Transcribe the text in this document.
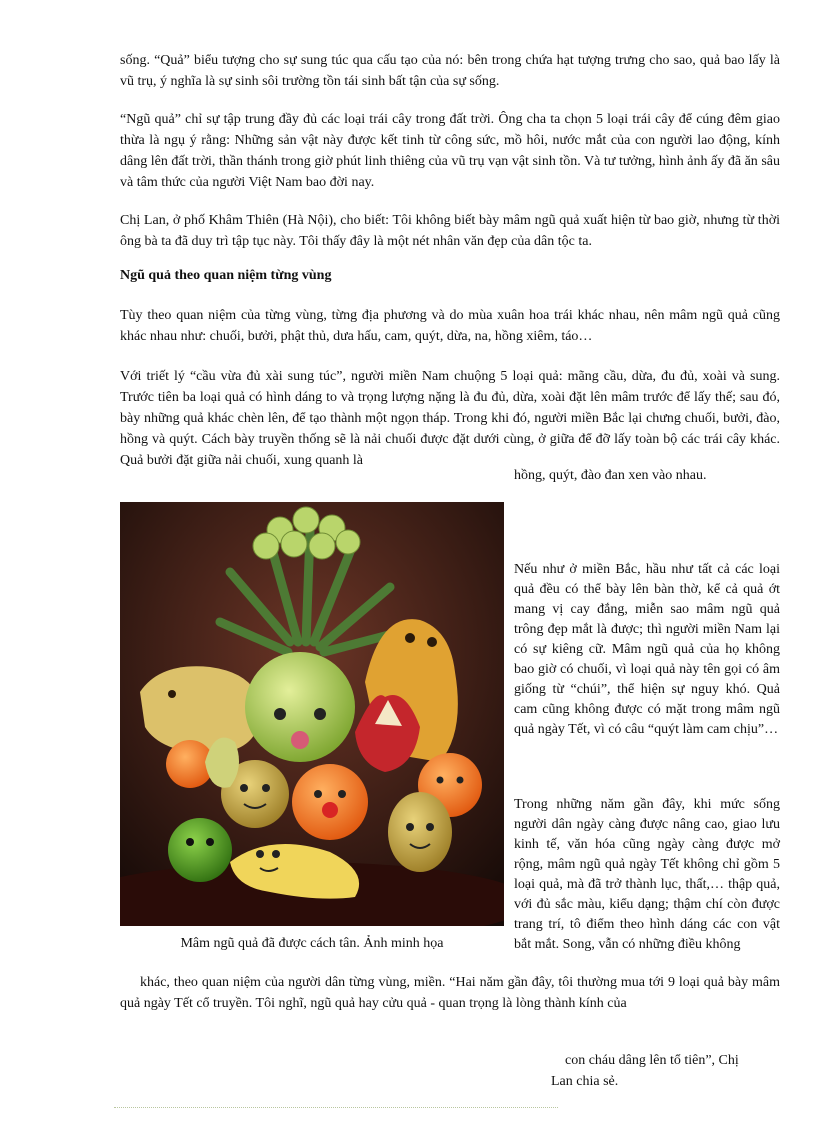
sống. “Quả” biểu tượng cho sự sung túc qua cấu tạo của nó: bên trong chứa hạt tượng trưng cho sao, quả bao lấy là vũ trụ, ý nghĩa là sự sinh sôi trường tồn tái sinh bất tận của sự sống.

“Ngũ quả” chỉ sự tập trung đầy đủ các loại trái cây trong đất trời. Ông cha ta chọn 5 loại trái cây để cúng đêm giao thừa là ngụ ý rằng: Những sản vật này được kết tinh từ công sức, mồ hôi, nước mắt của con người lao động, kính dâng lên đất trời, thần thánh trong giờ phút linh thiêng của vũ trụ vạn vật sinh tồn. Và tư tưởng, hình ảnh ấy đã ăn sâu và tâm thức của người Việt Nam bao đời nay.

Chị Lan, ở phố Khâm Thiên (Hà Nội), cho biết: Tôi không biết bày mâm ngũ quả xuất hiện từ bao giờ, nhưng từ thời ông bà ta đã duy trì tập tục này. Tôi thấy đây là một nét nhân văn đẹp của dân tộc ta.

Ngũ quả theo quan niệm từng vùng

Tùy theo quan niệm của từng vùng, từng địa phương và do mùa xuân hoa trái khác nhau, nên mâm ngũ quả cũng khác nhau như: chuối, bưởi, phật thủ, dưa hấu, cam, quýt, dừa, na, hồng xiêm, táo…

Với triết lý “cầu vừa đủ xài sung túc”, người miền Nam chuộng 5 loại quả: mãng cầu, dừa, đu đủ, xoài và sung. Trước tiên ba loại quả có hình dáng to và trọng lượng nặng là đu đủ, dừa, xoài đặt lên mâm trước để lấy thế; sau đó, bày những quả khác chèn lên, để tạo thành một ngọn tháp. Trong khi đó, người miền Bắc lại chưng chuối, bưởi, đào, hồng và quýt. Cách bày truyền thống sẽ là nải chuối được đặt dưới cùng, ở giữa để đỡ lấy toàn bộ các trái cây khác. Quả bưởi đặt giữa nải chuối, xung quanh là

hồng, quýt, đào đan xen vào nhau.

Mâm ngũ quả đã được cách tân. Ảnh minh họa

Nếu như ở miền Bắc, hầu như tất cả các loại quả đều có thể bày lên bàn thờ, kể cả quả ớt mang vị cay đắng, miễn sao mâm ngũ quả trông đẹp mắt là được; thì người miền Nam lại có sự kiêng cữ. Mâm ngũ quả của họ không bao giờ có chuối, vì loại quả này tên gọi có âm giống từ “chúi”, thể hiện sự nguy khó. Quả cam cũng không được có mặt trong mâm ngũ quả ngày Tết, vì có câu “quýt làm cam chịu”…

Trong những năm gần đây, khi mức sống người dân ngày càng được nâng cao, giao lưu kinh tế, văn hóa cũng ngày càng được mở rộng, mâm ngũ quả ngày Tết không chỉ gồm 5 loại quả, mà đã trở thành lục, thất,… thập quả, với đủ sắc màu, kiểu dạng; thậm chí còn được trang trí, tô điểm theo hình dáng các con vật bắt mắt. Song, vẫn có những điều không

khác, theo quan niệm của người dân từng vùng, miền. “Hai năm gần đây, tôi thường mua tới 9 loại quả bày mâm quả ngày Tết cổ truyền. Tôi nghĩ, ngũ quả hay cửu quả - quan trọng là lòng thành kính của

con cháu dâng lên tổ tiên”, Chị

Lan chia sẻ.
